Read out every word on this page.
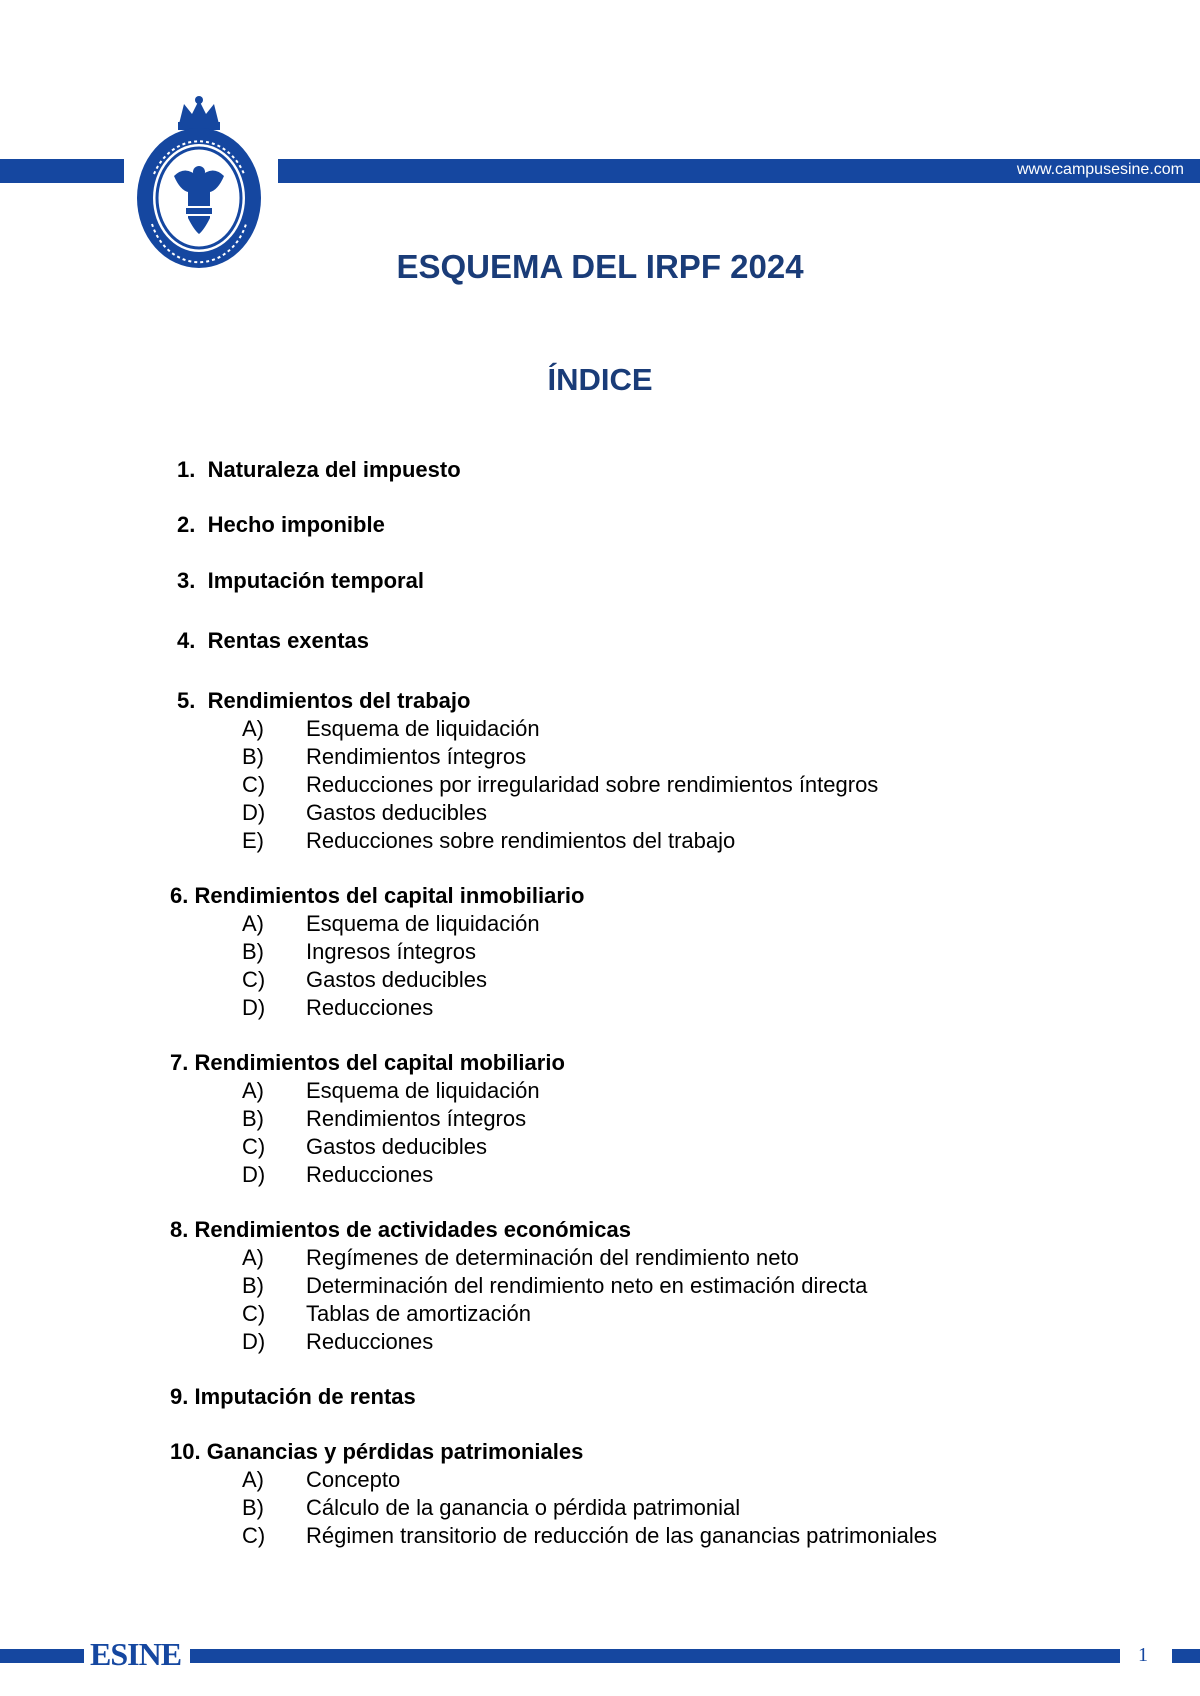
www.campusesine.com
ESQUEMA DEL IRPF 2024
ÍNDICE
1. Naturaleza del impuesto
2. Hecho imponible
3. Imputación temporal
4. Rentas exentas
5. Rendimientos del trabajo
A) Esquema de liquidación
B) Rendimientos íntegros
C) Reducciones por irregularidad sobre rendimientos íntegros
D) Gastos deducibles
E) Reducciones sobre rendimientos del trabajo
6. Rendimientos del capital inmobiliario
A) Esquema de liquidación
B) Ingresos íntegros
C) Gastos deducibles
D) Reducciones
7. Rendimientos del capital mobiliario
A) Esquema de liquidación
B) Rendimientos íntegros
C) Gastos deducibles
D) Reducciones
8. Rendimientos de actividades económicas
A) Regímenes de determinación del rendimiento neto
B) Determinación del rendimiento neto en estimación directa
C) Tablas de amortización
D) Reducciones
9. Imputación de rentas
10. Ganancias y pérdidas patrimoniales
A) Concepto
B) Cálculo de la ganancia o pérdida patrimonial
C) Régimen transitorio de reducción de las ganancias patrimoniales
ESINE	1
